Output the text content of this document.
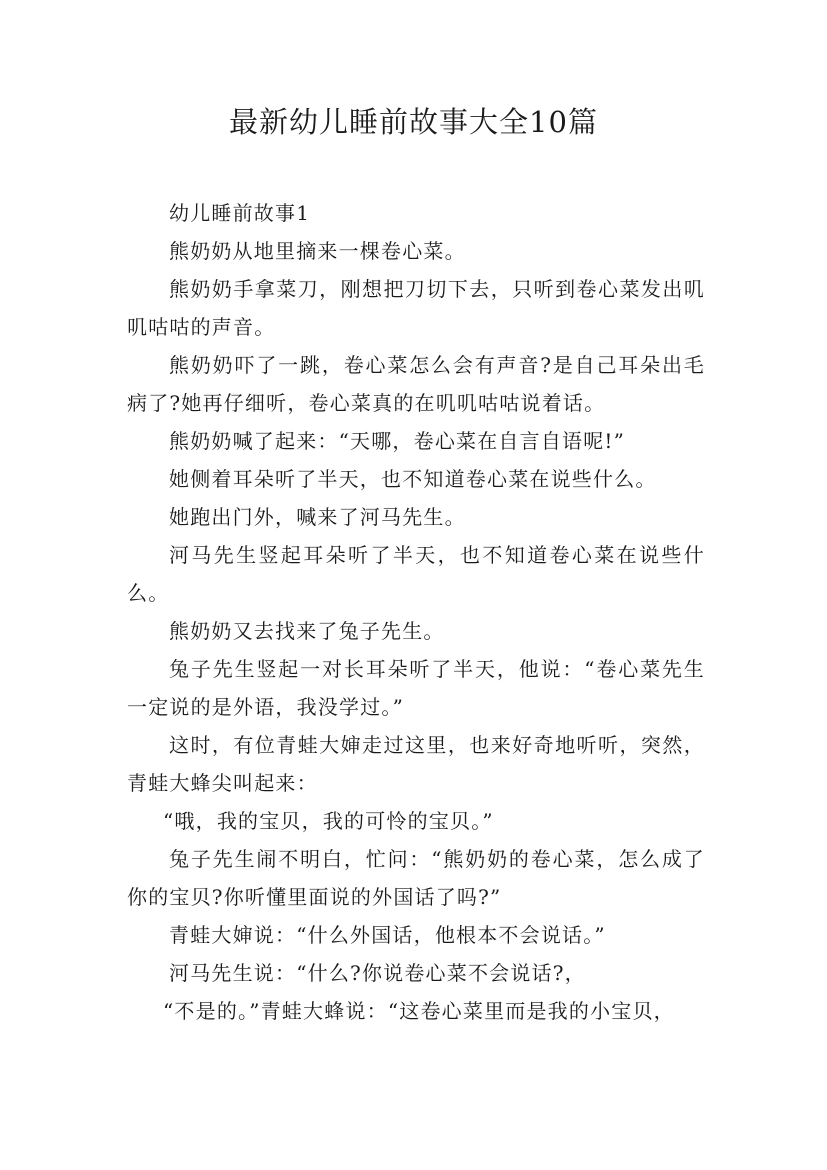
最新幼儿睡前故事大全10篇

幼儿睡前故事1

熊奶奶从地里摘来一棵卷心菜。

熊奶奶手拿菜刀，刚想把刀切下去，只听到卷心菜发出叽叽咕咕的声音。

熊奶奶吓了一跳，卷心菜怎么会有声音?是自己耳朵出毛病了?她再仔细听，卷心菜真的在叽叽咕咕说着话。

熊奶奶喊了起来：“天哪，卷心菜在自言自语呢!”

她侧着耳朵听了半天，也不知道卷心菜在说些什么。

她跑出门外，喊来了河马先生。

河马先生竖起耳朵听了半天，也不知道卷心菜在说些什么。

熊奶奶又去找来了兔子先生。

兔子先生竖起一对长耳朵听了半天，他说：“卷心菜先生一定说的是外语，我没学过。”

这时，有位青蛙大婶走过这里，也来好奇地听听，突然，青蛙大蜂尖叫起来：

“哦，我的宝贝，我的可怜的宝贝。”

兔子先生闹不明白，忙问：“熊奶奶的卷心菜，怎么成了你的宝贝?你听懂里面说的外国话了吗?”

青蛙大婶说：“什么外国话，他根本不会说话。”

河马先生说：“什么?你说卷心菜不会说话?，

“不是的。”青蛙大蜂说：“这卷心菜里而是我的小宝贝，
